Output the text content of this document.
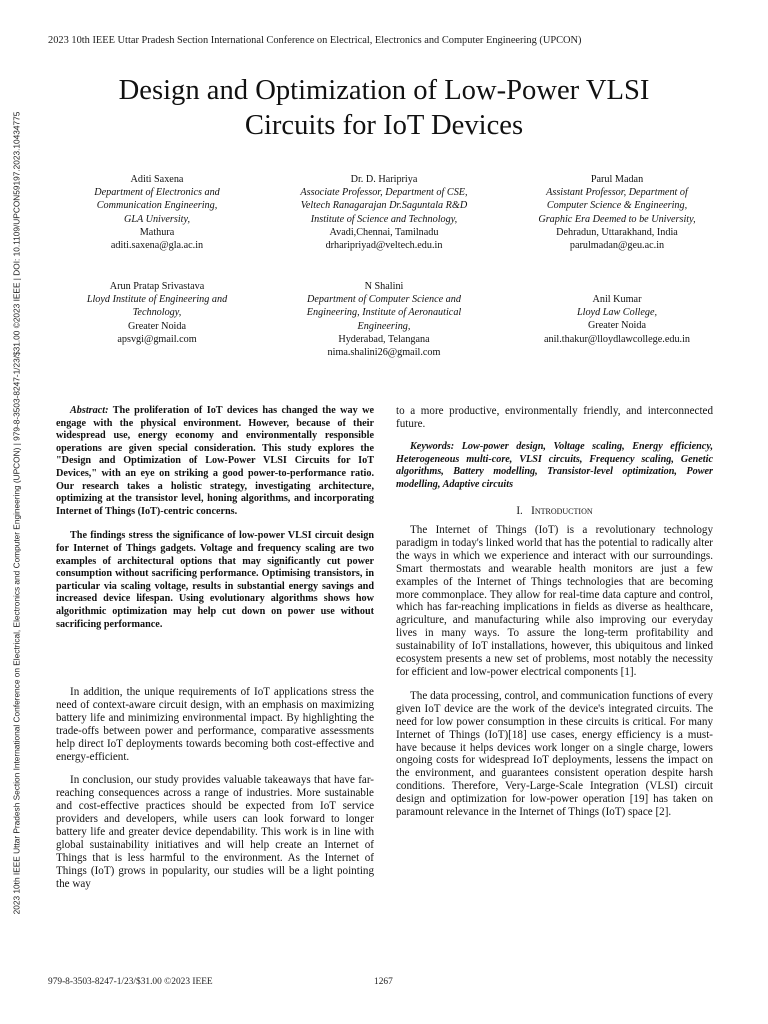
2023 10th IEEE Uttar Pradesh Section International Conference on Electrical, Electronics and Computer Engineering (UPCON) | 979-8-3503-8247-1/23/$31.00 ©2023 IEEE | DOI: 10.1109/UPCON59197.2023.10434775
2023 10th IEEE Uttar Pradesh Section International Conference on Electrical, Electronics and Computer Engineering (UPCON)
Design and Optimization of Low-Power VLSI
Circuits for IoT Devices
Aditi Saxena
Department of Electronics and
Communication Engineering,
GLA University,
Mathura
aditi.saxena@gla.ac.in
Dr. D. Haripriya
Associate Professor, Department of CSE,
Veltech Ranagarajan Dr.Saguntala R&D
Institute of Science and Technology,
Avadi,Chennai, Tamilnadu
drharipriyad@veltech.edu.in
Parul Madan
Assistant Professor, Department of
Computer Science & Engineering,
Graphic Era Deemed to be University,
Dehradun, Uttarakhand, India
parulmadan@geu.ac.in
Arun Pratap Srivastava
Lloyd Institute of Engineering and
Technology,
Greater Noida
apsvgi@gmail.com
N Shalini
Department of Computer Science and
Engineering, Institute of Aeronautical
Engineering,
Hyderabad, Telangana
nima.shalini26@gmail.com
Anil Kumar
Lloyd Law College,
Greater Noida
anil.thakur@lloydlawcollege.edu.in

Abstract: The proliferation of IoT devices has changed the way we engage with the physical environment. However, because of their widespread use, energy economy and environmentally responsible operations are given special consideration. This study explores the "Design and Optimization of Low-Power VLSI Circuits for IoT Devices," with an eye on striking a good power-to-performance ratio. Our research takes a holistic strategy, investigating architecture, optimizing at the transistor level, honing algorithms, and incorporating Internet of Things (IoT)-centric concerns.

The findings stress the significance of low-power VLSI circuit design for Internet of Things gadgets. Voltage and frequency scaling are two examples of architectural options that may significantly cut power consumption without sacrificing performance. Optimising transistors, in particular via scaling voltage, results in substantial energy savings and increased device lifespan. Using evolutionary algorithms shows how algorithmic optimization may help cut down on power use without sacrificing performance.

In addition, the unique requirements of IoT applications stress the need of context-aware circuit design, with an emphasis on maximizing battery life and minimizing environmental impact. By highlighting the trade-offs between power and performance, comparative assessments help direct IoT deployments towards becoming both cost-effective and energy-efficient.

In conclusion, our study provides valuable takeaways that have far-reaching consequences across a range of industries. More sustainable and cost-effective practices should be expected from IoT service providers and developers, while users can look forward to longer battery life and greater device dependability. This work is in line with global sustainability initiatives and will help create an Internet of Things that is less harmful to the environment. As the Internet of Things (IoT) grows in popularity, our studies will be a light pointing the way

to a more productive, environmentally friendly, and interconnected future.

Keywords: Low-power design, Voltage scaling, Energy efficiency, Heterogeneous multi-core, VLSI circuits, Frequency scaling, Genetic algorithms, Battery modelling, Transistor-level optimization, Power modelling, Adaptive circuits
I. Introduction

The Internet of Things (IoT) is a revolutionary technology paradigm in today's linked world that has the potential to radically alter the ways in which we experience and interact with our surroundings. Smart thermostats and wearable health monitors are just a few examples of the Internet of Things technologies that are becoming more commonplace. They allow for real-time data capture and control, which has far-reaching implications in fields as diverse as healthcare, agriculture, and manufacturing while also improving our everyday lives in many ways. To assure the long-term profitability and sustainability of IoT installations, however, this ubiquitous and linked ecosystem presents a new set of problems, most notably the necessity for efficient and low-power electrical components [1].

The data processing, control, and communication functions of every given IoT device are the work of the device's integrated circuits. The need for low power consumption in these circuits is critical. For many Internet of Things (IoT)[18] use cases, energy efficiency is a must-have because it helps devices work longer on a single charge, lowers ongoing costs for widespread IoT deployments, lessens the impact on the environment, and guarantees consistent operation despite harsh conditions. Therefore, Very-Large-Scale Integration (VLSI) circuit design and optimization for low-power operation [19] has taken on paramount relevance in the Internet of Things (IoT) space [2].

979-8-3503-8247-1/23/$31.00 ©2023 IEEE	1267
